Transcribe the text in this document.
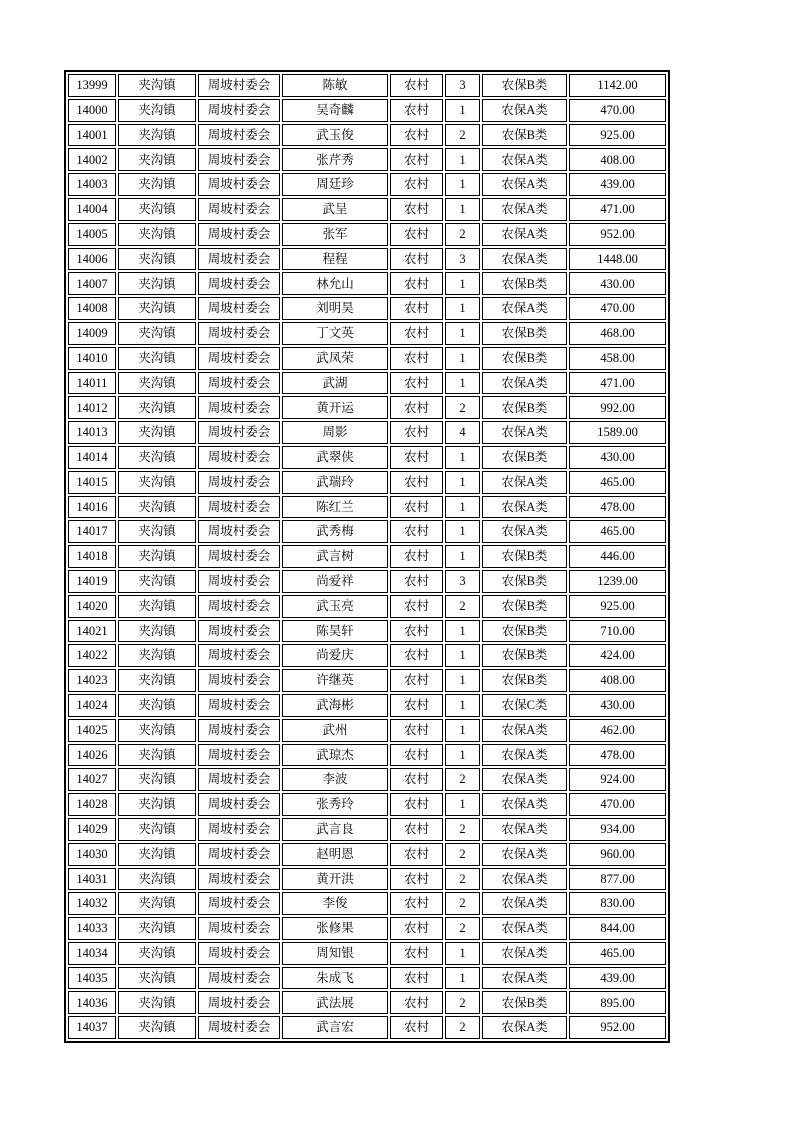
13999	夹沟镇	周坡村委会	陈敏	农村	3	农保B类	1142.00
14000	夹沟镇	周坡村委会	吴奇麟	农村	1	农保A类	470.00
14001	夹沟镇	周坡村委会	武玉俊	农村	2	农保B类	925.00
14002	夹沟镇	周坡村委会	张芹秀	农村	1	农保A类	408.00
14003	夹沟镇	周坡村委会	周廷珍	农村	1	农保A类	439.00
14004	夹沟镇	周坡村委会	武呈	农村	1	农保A类	471.00
14005	夹沟镇	周坡村委会	张军	农村	2	农保A类	952.00
14006	夹沟镇	周坡村委会	程程	农村	3	农保A类	1448.00
14007	夹沟镇	周坡村委会	林允山	农村	1	农保B类	430.00
14008	夹沟镇	周坡村委会	刘明昊	农村	1	农保A类	470.00
14009	夹沟镇	周坡村委会	丁文英	农村	1	农保B类	468.00
14010	夹沟镇	周坡村委会	武凤荣	农村	1	农保B类	458.00
14011	夹沟镇	周坡村委会	武湖	农村	1	农保A类	471.00
14012	夹沟镇	周坡村委会	黄开运	农村	2	农保B类	992.00
14013	夹沟镇	周坡村委会	周影	农村	4	农保A类	1589.00
14014	夹沟镇	周坡村委会	武翠侠	农村	1	农保B类	430.00
14015	夹沟镇	周坡村委会	武瑞玲	农村	1	农保A类	465.00
14016	夹沟镇	周坡村委会	陈红兰	农村	1	农保A类	478.00
14017	夹沟镇	周坡村委会	武秀梅	农村	1	农保A类	465.00
14018	夹沟镇	周坡村委会	武言树	农村	1	农保B类	446.00
14019	夹沟镇	周坡村委会	尚爱祥	农村	3	农保B类	1239.00
14020	夹沟镇	周坡村委会	武玉亮	农村	2	农保B类	925.00
14021	夹沟镇	周坡村委会	陈昊轩	农村	1	农保B类	710.00
14022	夹沟镇	周坡村委会	尚爱庆	农村	1	农保B类	424.00
14023	夹沟镇	周坡村委会	许继英	农村	1	农保B类	408.00
14024	夹沟镇	周坡村委会	武海彬	农村	1	农保C类	430.00
14025	夹沟镇	周坡村委会	武州	农村	1	农保A类	462.00
14026	夹沟镇	周坡村委会	武琼杰	农村	1	农保A类	478.00
14027	夹沟镇	周坡村委会	李波	农村	2	农保A类	924.00
14028	夹沟镇	周坡村委会	张秀玲	农村	1	农保A类	470.00
14029	夹沟镇	周坡村委会	武言良	农村	2	农保A类	934.00
14030	夹沟镇	周坡村委会	赵明恩	农村	2	农保A类	960.00
14031	夹沟镇	周坡村委会	黄开洪	农村	2	农保A类	877.00
14032	夹沟镇	周坡村委会	李俊	农村	2	农保A类	830.00
14033	夹沟镇	周坡村委会	张修果	农村	2	农保A类	844.00
14034	夹沟镇	周坡村委会	周知银	农村	1	农保A类	465.00
14035	夹沟镇	周坡村委会	朱成飞	农村	1	农保A类	439.00
14036	夹沟镇	周坡村委会	武法展	农村	2	农保B类	895.00
14037	夹沟镇	周坡村委会	武言宏	农村	2	农保A类	952.00
